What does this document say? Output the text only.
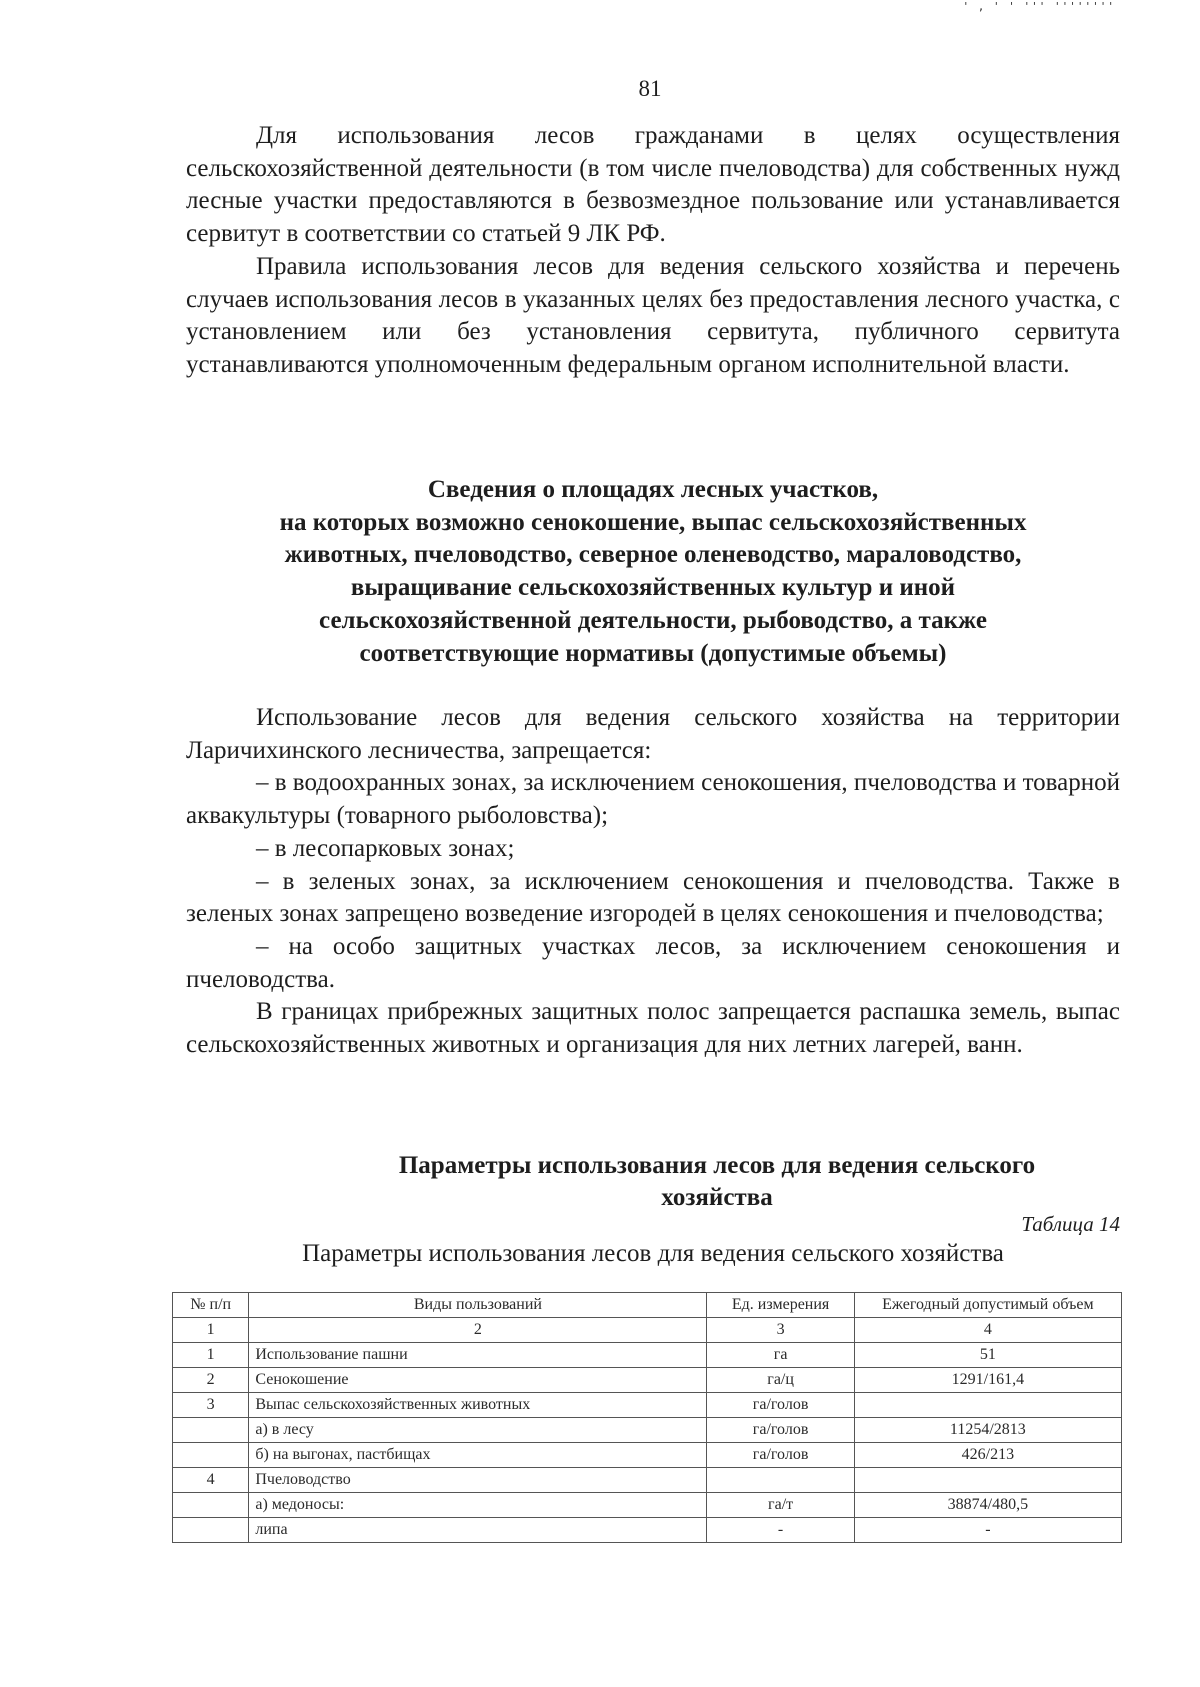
' , ' ' ''' ''''''''
81

Для использования лесов гражданами в целях осуществления сельскохозяйственной деятельности (в том числе пчеловодства) для собственных нужд лесные участки предоставляются в безвозмездное пользование или устанавливается сервитут в соответствии со статьей 9 ЛК РФ.

Правила использования лесов для ведения сельского хозяйства и перечень случаев использования лесов в указанных целях без предоставления лесного участка, с установлением или без установления сервитута, публичного сервитута устанавливаются уполномоченным федеральным органом исполнительной власти.

Сведения о площадях лесных участков,
на которых возможно сенокошение, выпас сельскохозяйственных
животных, пчеловодство, северное оленеводство, мараловодство,
выращивание сельскохозяйственных культур и иной
сельскохозяйственной деятельности, рыбоводство, а также
соответствующие нормативы (допустимые объемы)

Использование лесов для ведения сельского хозяйства на территории Ларичихинского лесничества, запрещается:

– в водоохранных зонах, за исключением сенокошения, пчеловодства и товарной аквакультуры (товарного рыболовства);

– в лесопарковых зонах;

– в зеленых зонах, за исключением сенокошения и пчеловодства. Также в зеленых зонах запрещено возведение изгородей в целях сенокошения и пчеловодства;

– на особо защитных участках лесов, за исключением сенокошения и пчеловодства.

В границах прибрежных защитных полос запрещается распашка земель, выпас сельскохозяйственных животных и организация для них летних лагерей, ванн.

Параметры использования лесов для ведения сельского
хозяйства
Таблица 14
Параметры использования лесов для ведения сельского хозяйства
№ п/п	Виды пользований	Ед. измерения	Ежегодный допустимый объем
1	2	3	4
1	Использование пашни	га	51
2	Сенокошение	га/ц	1291/161,4
3	Выпас сельскохозяйственных животных	га/голов	
	а) в лесу	га/голов	11254/2813
	б) на выгонах, пастбищах	га/голов	426/213
4	Пчеловодство		
	а) медоносы:	га/т	38874/480,5
	липа	-	-
